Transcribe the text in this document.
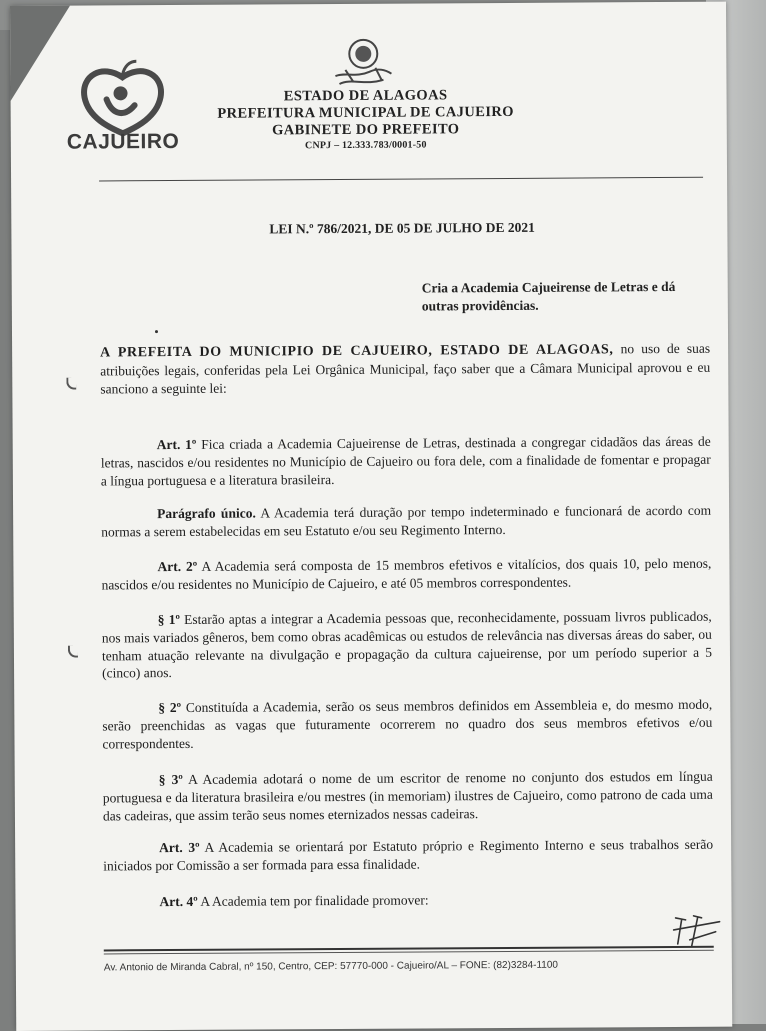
CAJUEIRO
ESTADO DE ALAGOAS
PREFEITURA MUNICIPAL DE CAJUEIRO
GABINETE DO PREFEITO
CNPJ – 12.333.783/0001-50
LEI N.º 786/2021, DE 05 DE JULHO DE 2021
Cria a Academia Cajueirense de Letras e dá outras providências.

A PREFEITA DO MUNICIPIO DE CAJUEIRO, ESTADO DE ALAGOAS, no uso de suas atribuições legais, conferidas pela Lei Orgânica Municipal, faço saber que a Câmara Municipal aprovou e eu sanciono a seguinte lei:

Art. 1º Fica criada a Academia Cajueirense de Letras, destinada a congregar cidadãos das áreas de letras, nascidos e/ou residentes no Município de Cajueiro ou fora dele, com a finalidade de fomentar e propagar a língua portuguesa e a literatura brasileira.

Parágrafo único. A Academia terá duração por tempo indeterminado e funcionará de acordo com normas a serem estabelecidas em seu Estatuto e/ou seu Regimento Interno.

Art. 2º A Academia será composta de 15 membros efetivos e vitalícios, dos quais 10, pelo menos, nascidos e/ou residentes no Município de Cajueiro, e até 05 membros correspondentes.

§ 1º Estarão aptas a integrar a Academia pessoas que, reconhecidamente, possuam livros publicados, nos mais variados gêneros, bem como obras acadêmicas ou estudos de relevância nas diversas áreas do saber, ou tenham atuação relevante na divulgação e propagação da cultura cajueirense, por um período superior a 5 (cinco) anos.

§ 2º Constituída a Academia, serão os seus membros definidos em Assembleia e, do mesmo modo, serão preenchidas as vagas que futuramente ocorrerem no quadro dos seus membros efetivos e/ou correspondentes.

§ 3º A Academia adotará o nome de um escritor de renome no conjunto dos estudos em língua portuguesa e da literatura brasileira e/ou mestres (in memoriam) ilustres de Cajueiro, como patrono de cada uma das cadeiras, que assim terão seus nomes eternizados nessas cadeiras.

Art. 3º A Academia se orientará por Estatuto próprio e Regimento Interno e seus trabalhos serão iniciados por Comissão a ser formada para essa finalidade.

Art. 4º A Academia tem por finalidade promover:

Av. Antonio de Miranda Cabral, nº 150, Centro, CEP: 57770-000 - Cajueiro/AL – FONE: (82)3284-1100
